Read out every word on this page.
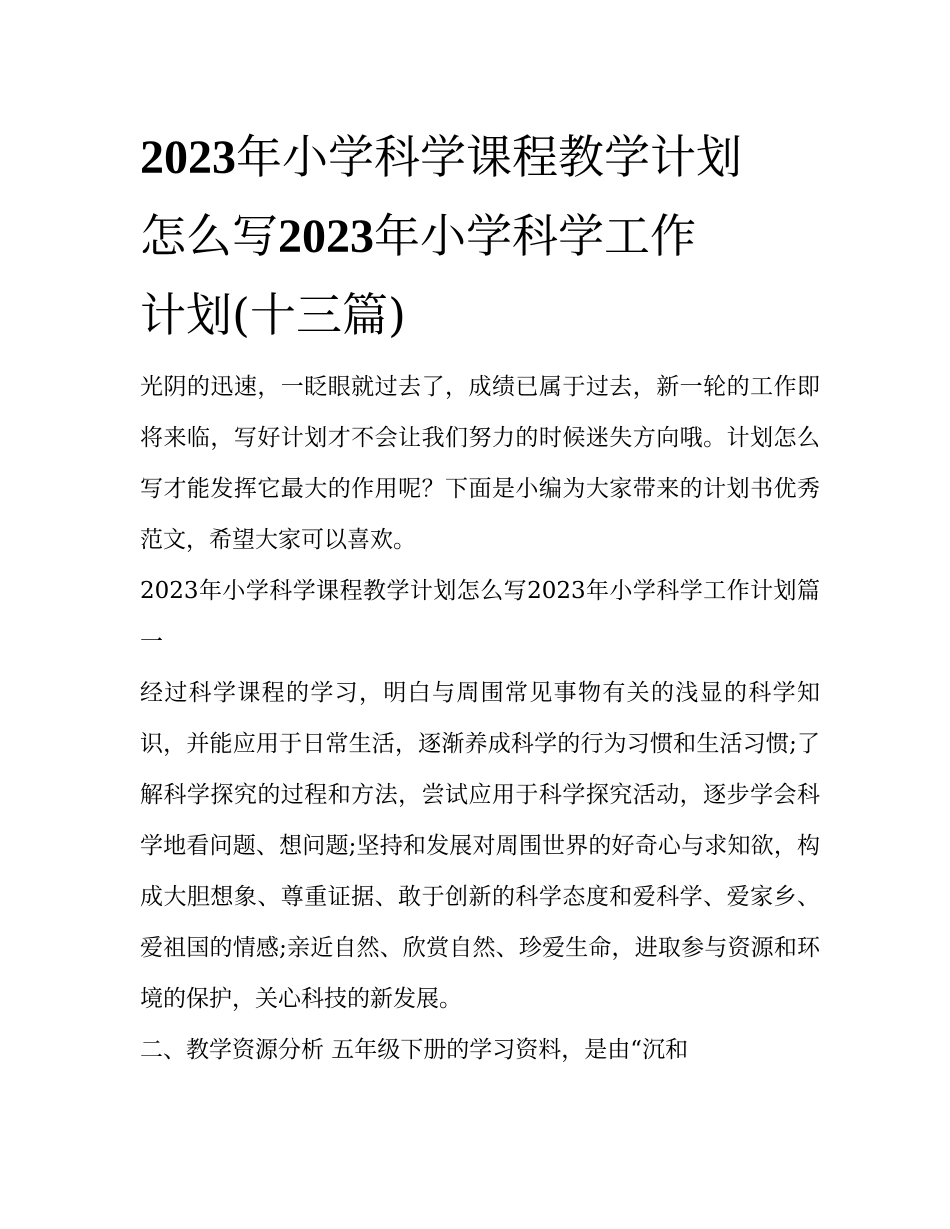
2023年小学科学课程教学计划
怎么写2023年小学科学工作
计划(十三篇)

光阴的迅速，一眨眼就过去了，成绩已属于过去，新一轮的工作即将来临，写好计划才不会让我们努力的时候迷失方向哦。计划怎么写才能发挥它最大的作用呢？下面是小编为大家带来的计划书优秀范文，希望大家可以喜欢。

2023年小学科学课程教学计划怎么写2023年小学科学工作计划篇一

经过科学课程的学习，明白与周围常见事物有关的浅显的科学知识，并能应用于日常生活，逐渐养成科学的行为习惯和生活习惯;了解科学探究的过程和方法，尝试应用于科学探究活动，逐步学会科学地看问题、想问题;坚持和发展对周围世界的好奇心与求知欲，构成大胆想象、尊重证据、敢于创新的科学态度和爱科学、爱家乡、爱祖国的情感;亲近自然、欣赏自然、珍爱生命，进取参与资源和环境的保护，关心科技的新发展。

二、教学资源分析 五年级下册的学习资料，是由“沉和
